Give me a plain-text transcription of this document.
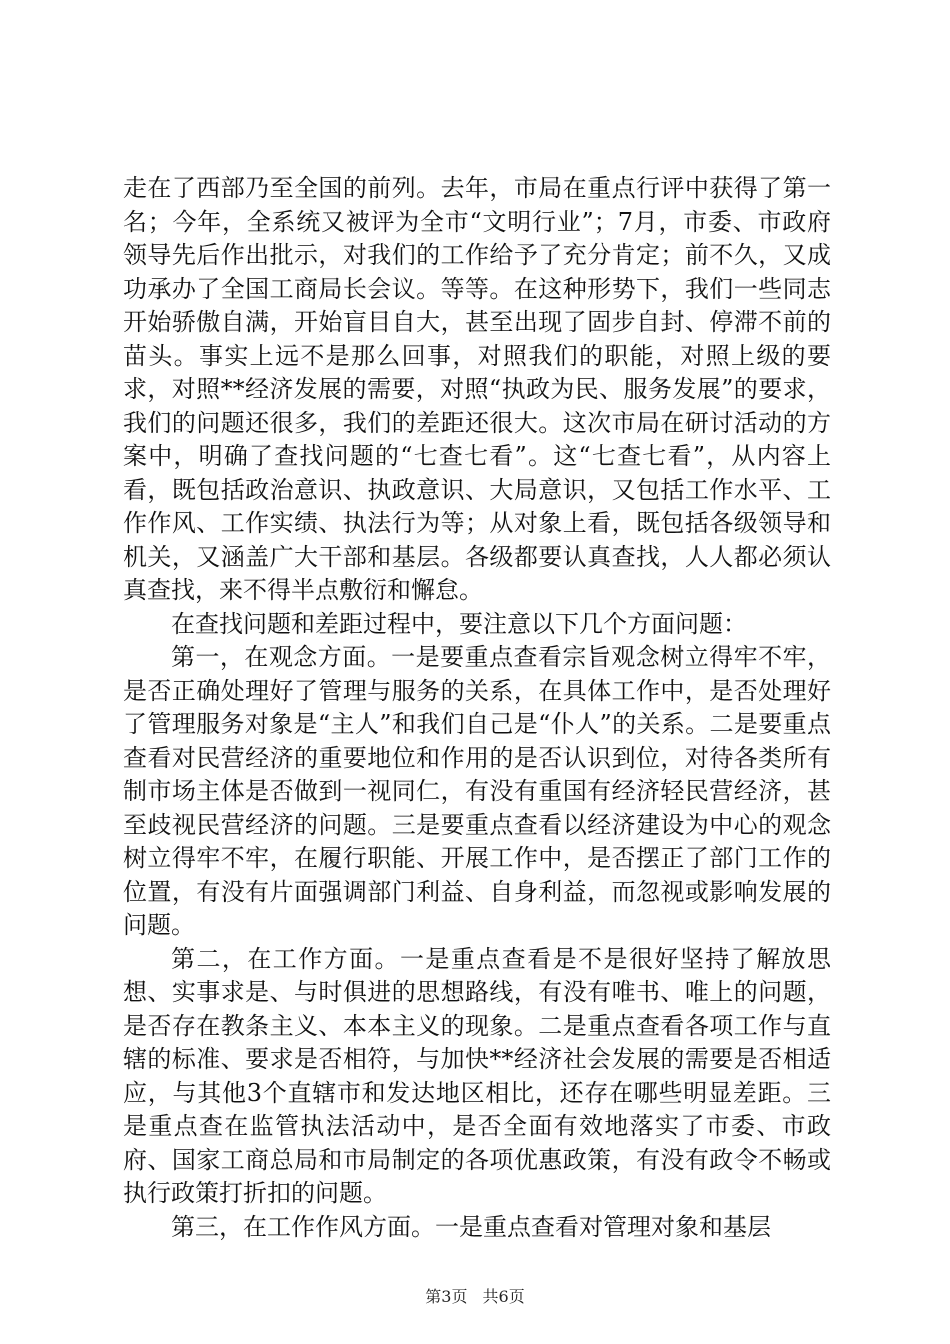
走在了西部乃至全国的前列。去年，市局在重点行评中获得了第一名；今年，全系统又被评为全市“文明行业”；7月，市委、市政府领导先后作出批示，对我们的工作给予了充分肯定；前不久，又成功承办了全国工商局长会议。等等。在这种形势下，我们一些同志开始骄傲自满，开始盲目自大，甚至出现了固步自封、停滞不前的苗头。事实上远不是那么回事，对照我们的职能，对照上级的要求，对照**经济发展的需要，对照“执政为民、服务发展”的要求，我们的问题还很多，我们的差距还很大。这次市局在研讨活动的方案中，明确了查找问题的“七查七看”。这“七查七看”，从内容上看，既包括政治意识、执政意识、大局意识，又包括工作水平、工作作风、工作实绩、执法行为等；从对象上看，既包括各级领导和机关，又涵盖广大干部和基层。各级都要认真查找，人人都必须认真查找，来不得半点敷衍和懈怠。

在查找问题和差距过程中，要注意以下几个方面问题：

第一，在观念方面。一是要重点查看宗旨观念树立得牢不牢，是否正确处理好了管理与服务的关系，在具体工作中，是否处理好了管理服务对象是“主人”和我们自己是“仆人”的关系。二是要重点查看对民营经济的重要地位和作用的是否认识到位，对待各类所有制市场主体是否做到一视同仁，有没有重国有经济轻民营经济，甚至歧视民营经济的问题。三是要重点查看以经济建设为中心的观念树立得牢不牢，在履行职能、开展工作中，是否摆正了部门工作的位置，有没有片面强调部门利益、自身利益，而忽视或影响发展的问题。

第二，在工作方面。一是重点查看是不是很好坚持了解放思想、实事求是、与时俱进的思想路线，有没有唯书、唯上的问题，是否存在教条主义、本本主义的现象。二是重点查看各项工作与直辖的标准、要求是否相符，与加快**经济社会发展的需要是否相适应，与其他3个直辖市和发达地区相比，还存在哪些明显差距。三是重点查在监管执法活动中，是否全面有效地落实了市委、市政府、国家工商总局和市局制定的各项优惠政策，有没有政令不畅或执行政策打折扣的问题。

第三，在工作作风方面。一是重点查看对管理对象和基层

第3页 共6页
